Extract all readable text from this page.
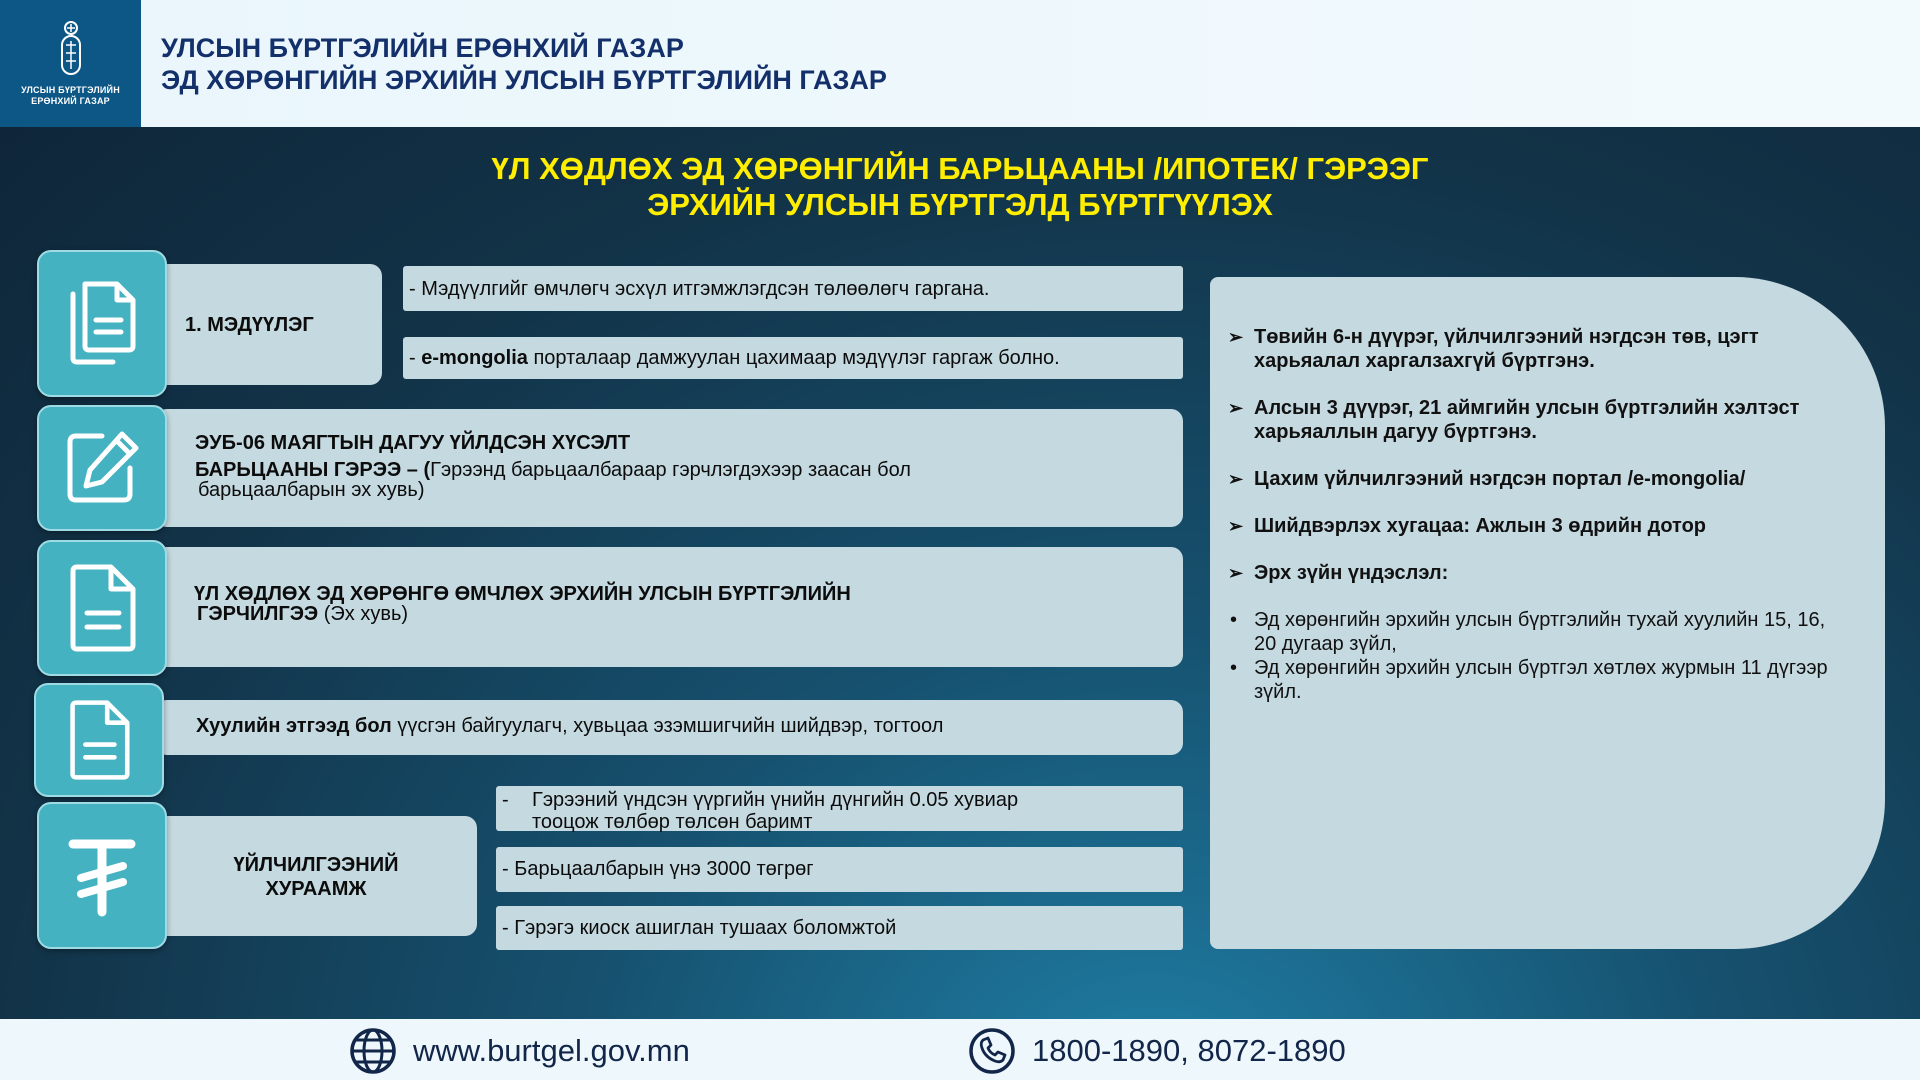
УЛСЫН БҮРТГЭЛИЙН
ЕРӨНХИЙ ГАЗАР
УЛСЫН БҮРТГЭЛИЙН ЕРӨНХИЙ ГАЗАР
ЭД ХӨРӨНГИЙН ЭРХИЙН УЛСЫН БҮРТГЭЛИЙН ГАЗАР
ҮЛ ХӨДЛӨХ ЭД ХӨРӨНГИЙН БАРЬЦААНЫ /ИПОТЕК/ ГЭРЭЭГ
ЭРХИЙН УЛСЫН БҮРТГЭЛД БҮРТГҮҮЛЭХ
1. МЭДҮҮЛЭГ
- Мэдүүлгийг өмчлөгч эсхүл итгэмжлэгдсэн төлөөлөгч гаргана.
- e-mongolia порталаар дамжуулан цахимаар мэдүүлэг гаргаж болно.
ЭУБ-06 МАЯГТЫН ДАГУУ ҮЙЛДСЭН ХҮСЭЛТ
БАРЬЦААНЫ ГЭРЭЭ – (Гэрээнд барьцаалбараар гэрчлэгдэхээр заасан бол
барьцаалбарын эх хувь)
ҮЛ ХӨДЛӨХ ЭД ХӨРӨНГӨ ӨМЧЛӨХ ЭРХИЙН УЛСЫН БҮРТГЭЛИЙН
ГЭРЧИЛГЭЭ (Эх хувь)
Хуулийн этгээд бол үүсгэн байгуулагч, хувьцаа эзэмшигчийн шийдвэр, тогтоол
ҮЙЛЧИЛГЭЭНИЙ
ХУРААМЖ
-	Гэрээний үндсэн үүргийн үнийн дүнгийн 0.05 хувиар
тооцож төлбөр төлсөн баримт
- Барьцаалбарын үнэ 3000 төгрөг
- Гэрэгэ киоск ашиглан тушаах боломжтой
➢ Төвийн 6-н дүүрэг, үйлчилгээний нэгдсэн төв, цэгт харьяалал харгалзахгүй бүртгэнэ.
➢ Алсын 3 дүүрэг, 21 аймгийн улсын бүртгэлийн хэлтэст харьяаллын дагуу бүртгэнэ.
➢ Цахим үйлчилгээний нэгдсэн портал /e-mongolia/
➢ Шийдвэрлэх хугацаа: Ажлын 3 өдрийн дотор
➢ Эрх зүйн үндэслэл:
• Эд хөрөнгийн эрхийн улсын бүртгэлийн тухай хуулийн 15, 16, 20 дугаар зүйл,
• Эд хөрөнгийн эрхийн улсын бүртгэл хөтлөх журмын 11 дүгээр зүйл.
www.burtgel.gov.mn	1800-1890, 8072-1890
